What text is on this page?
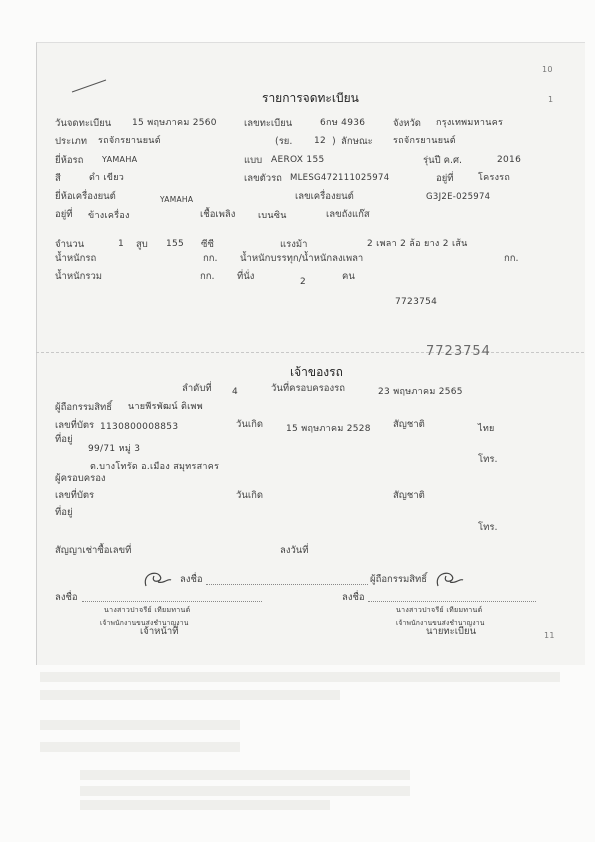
10
1
11
รายการจดทะเบียน
วันจดทะเบียน 15 พฤษภาคม 2560	เลขทะเบียน	6กษ 4936	จังหวัด กรุงเทพมหานคร
ประเภท รถจักรยานยนต์	(รย. 12 ) ลักษณะ รถจักรยานยนต์
ยี่ห้อรถ YAMAHA	แบบ AEROX 155	รุ่นปี ค.ศ.	2016
สี	ดำ เขียว	เลขตัวรถ MLESG472111025974	อยู่ที่	โครงรถ
ยี่ห้อเครื่องยนต์	YAMAHA	เลขเครื่องยนต์	G3J2E-025974
อยู่ที่ ข้างเครื่อง	เชื้อเพลิง	เบนซิน	เลขถังแก๊ส
จำนวน	1 สูบ 155 ซีซี	แรงม้า	2 เพลา 2 ล้อ ยาง 2 เส้น
น้ำหนักรถ	กก. น้ำหนักบรรทุก/น้ำหนักลงเพลา	กก.
น้ำหนักรวม	กก. ที่นั่ง	2	คน
7723754
7723754
เจ้าของรถ
ลำดับที่ 4	วันที่ครอบครองรถ	23 พฤษภาคม 2565
ผู้ถือกรรมสิทธิ์ นายพีรพัฒน์ ติเพพ
เลขที่บัตร 1130800008853	วันเกิด	15 พฤษภาคม 2528 สัญชาติ	ไทย
ที่อยู่
99/71 หมู่ 3
โทร.
ต.บางโทรัด อ.เมือง สมุทรสาคร
ผู้ครอบครอง
เลขที่บัตร	วันเกิด	สัญชาติ
ที่อยู่
โทร.
สัญญาเช่าซื้อเลขที่	ลงวันที่
ลงชื่อ	ผู้ถือกรรมสิทธิ์
ลงชื่อ	ลงชื่อ
นางสาวปาจรีย์ เทียมทานต์	นางสาวปาจรีย์ เทียมทานต์
เจ้าพนักงานขนส่งชำนาญงาน	เจ้าพนักงานขนส่งชำนาญงาน
เจ้าหน้าที่	นายทะเบียน
